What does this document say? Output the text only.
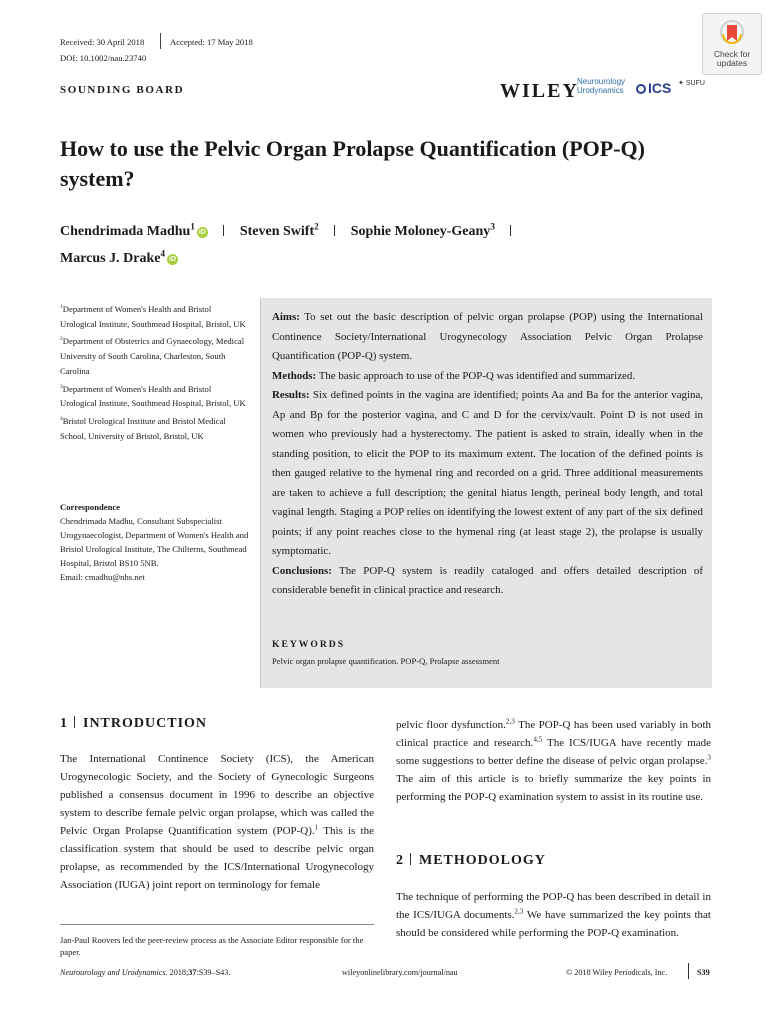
Received: 30 April 2018	Accepted: 17 May 2018
DOI: 10.1002/nau.23740
SOUNDING BOARD	WILEY
Neurourology
Urodynamics	ICS ✦ SUFU
Check for
updates
How to use the Pelvic Organ Prolapse Quantification (POP-Q)
system?
Chendrimada Madhu$^1$iD Steven Swift$^2$ Sophie Moloney-Geany$^3$
Marcus J. Drake$^4$iD
$^1$Department of Women's Health and Bristol Urological Institute, Southmead Hospital, Bristol, UK
$^2$Department of Obstetrics and Gynaecology, Medical University of South Carolina, Charleston, South Carolina
$^3$Department of Women's Health and Bristol Urological Institute, Southmead Hospital, Bristol, UK
$^4$Bristol Urological Institute and Bristol Medical School, University of Bristol, Bristol, UK
Correspondence
Chendrimada Madhu, Consultant Subspecialist Urogynaecologist, Department of Women's Health and Bristol Urological Institute, The Chilterns, Southmead Hospital, Bristol BS10 5NB.
Email: cmadhu@nhs.net
Aims: To set out the basic description of pelvic organ prolapse (POP) using the International Continence Society/International Urogynecology Association Pelvic Organ Prolapse Quantification (POP-Q) system.
Methods: The basic approach to use of the POP-Q was identified and summarized.
Results: Six defined points in the vagina are identified; points Aa and Ba for the anterior vagina, Ap and Bp for the posterior vagina, and C and D for the cervix/vault. Point D is not used in women who previously had a hysterectomy. The patient is asked to strain, ideally when in the standing position, to elicit the POP to its maximum extent. The location of the defined points is then gauged relative to the hymenal ring and recorded on a grid. Three additional measurements are taken to achieve a full description; the genital hiatus length, perineal body length, and total vaginal length. Staging a POP relies on identifying the lowest extent of any part of the six defined points; if any point reaches close to the hymenal ring (at least stage 2), the prolapse is usually symptomatic.
Conclusions: The POP-Q system is readily cataloged and offers detailed description of considerable benefit in clinical practice and research.
KEYWORDS
Pelvic organ prolapse quantification. POP-Q, Prolapse assessment
1 INTRODUCTION
The International Continence Society (ICS), the American Urogynecologic Society, and the Society of Gynecologic Surgeons published a consensus document in 1996 to describe an objective system to describe female pelvic organ prolapse, which was called the Pelvic Organ Prolapse Quantification system (POP-Q).$^1$ This is the classification system that should be used to describe pelvic organ prolapse, as recommended by the ICS/International Urogynecology Association (IUGA) joint report on terminology for female
Jan-Paul Roovers led the peer-review process as the Associate Editor responsible for the paper.
pelvic floor dysfunction.$^{2,3}$ The POP-Q has been used variably in both clinical practice and research.$^{4,5}$ The ICS/IUGA have recently made some suggestions to better define the disease of pelvic organ prolapse.$^3$ The aim of this article is to briefly summarize the key points in performing the POP-Q examination system to assist in its routine use.
2 METHODOLOGY
The technique of performing the POP-Q has been described in detail in the ICS/IUGA documents.$^{2,3}$ We have summarized the key points that should be considered while performing the POP-Q examination.
Neurourology and Urodynamics. 2018;37:S39–S43.	wileyonlinelibrary.com/journal/nau	© 2018 Wiley Periodicals, Inc.	S39
